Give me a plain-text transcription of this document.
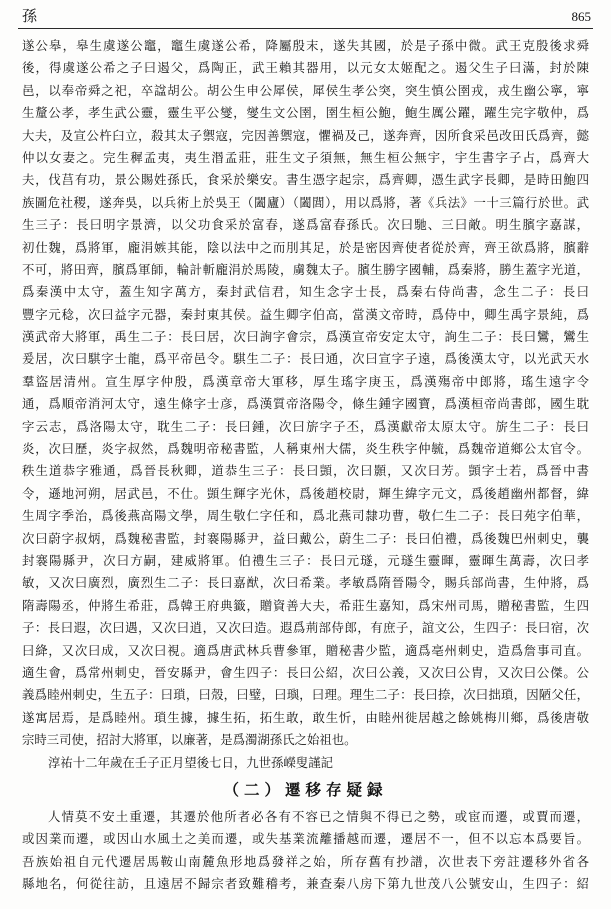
孫	865
遂公皋，皋生虞遂公竈，竈生虞遂公希，降屬殷末，遂失其國，於是子孫中微。武王克殷後求舜
後，得虞遂公希之子曰遏父，爲陶正，武王賴其器用，以元女太姬配之。遏父生子曰滿，封於陳
邑，以奉帝舜之祀，卒諡胡公。胡公生申公犀侯，犀侯生孝公突，突生慎公圉戎，戎生幽公寧，寧
生釐公孝，孝生武公靈，靈生平公燮，燮生文公圉，圉生桓公鮑，鮑生厲公躍，躍生完字敬仲，爲
大夫，及宣公杵臼立，殺其太子禦寇，完因善禦寇，懼禍及己，遂奔齊，因所食采邑改田氏爲齊，懿
仲以女妻之。完生穉孟夷，夷生湣孟莊，莊生文子須無，無生桓公無宇，宇生書字子占，爲齊大
夫，伐莒有功，景公賜姓孫氏，食采於樂安。書生憑字起宗，爲齊卿，憑生武字長卿，是時田鮑四
族圖危社稷，遂奔吳，以兵術上於吳王（闔廬）（闔閭），用以爲將，著《兵法》一十三篇行於世。武
生三子：長曰明字景濟，以父功食采於富春，遂爲富春孫氏。次曰馳、三曰敵。明生臏字嘉謀，
初仕魏，爲將軍，龐涓嫉其能，陰以法中之而刖其足，於是密因齊使者從於齊，齊王欲爲將，臏辭
不可，將田齊，臏爲軍師，輪計斬龐涓於馬陵，虜魏太子。臏生勝字國輔，爲秦將，勝生蓋字光道，
爲秦漢中太守，蓋生知字萬方，秦封武信君，知生念字士長，爲秦右侍尚書，念生二子：長曰
豐字元稔，次曰益字元器，秦封東其侯。益生卿字伯高，當漢文帝時，爲侍中，卿生禹字景純，爲
漢武帝大將軍，禹生二子：長曰居，次曰詢字會宗，爲漢宣帝安定太守，詢生二子：長曰鸞，鸞生
爰居，次曰騏字士龍，爲平帝邑令。騏生二子：長曰通，次曰宣字子遠，爲後漢太守，以光武天水
羣盜居清州。宣生厚字仲殷，爲漢章帝大軍移，厚生瑤字庚玉，爲漢殤帝中郎將，瑤生遠字令
通，爲順帝消河太守，遠生條字士彦，爲漢質帝洛陽令，條生鍾字國寶，爲漢桓帝尚書郎，國生耽
字云志，爲洛陽太守，耽生二子：長曰鍾，次曰旂字子丕，爲漢獻帝太原太守。旂生二子：長曰
炎，次曰歷，炎字叔然，爲魏明帝秘書監，人稱東州大儒，炎生秩字仲毓，爲魏帝道鄉公太官令。
秩生道恭字雅通，爲晉長秋卿，道恭生三子：長曰顗，次曰顥，又次曰芳。顗字士若，爲晉中書
令，遜地河朔，居武邑，不仕。顗生輝字光休，爲後趙校尉，輝生緯字元文，爲後趙幽州都督，緯
生周字季治，爲後燕高陽文學，周生敬仁字任和，爲北燕司隸功曹，敬仁生二子：長曰苑字伯華，
次曰蔚字叔炳，爲魏秘書監，封褰陽縣尹，益曰戴公，蔚生二子：長曰伯禮，爲後魏巴州刺史，襲
封褰陽縣尹，次曰方嗣，建威將軍。伯禮生三子：長曰元璲，元璲生靈暉，靈暉生萬壽，次曰孝
敏，又次曰廣烈，廣烈生二子：長曰嘉猷，次曰希業。孝敏爲隋晉陽令，賜兵部尚書，生仲將，爲
隋壽陽丞，仲將生希莊，爲韓王府典籤，贈資善大夫，希莊生嘉知，爲宋州司馬，贈秘書監，生四
子：長曰遐，次曰遇，又次曰逍，又次曰造。遐爲荊部侍郎，有庶子，誼文公，生四子：長曰宿，次
曰絳，又次曰成，又次曰視。適爲唐武林兵曹參軍，贈秘書少監，適爲亳州刺史，造爲詹事司直。
適生會，爲常州刺史，晉安縣尹，會生四子：長曰公紹，次曰公義，又次曰公胄，又次曰公傑。公
義爲睦州刺史，生五子：曰瑣，曰殼，曰璧，曰璵，曰理。理生二子：長曰捺，次曰拙瑣，因陋父任，
遂寓居焉，是爲睦州。瑣生據，據生拓，拓生敢，敢生忻，由睦州徙居越之餘姚梅川鄉，爲後唐敬
宗時三司使，招討大將軍，以廉著，是爲濁湖孫氏之始祖也。
淳祐十二年歲在壬子正月望後七日，九世孫嶸叟謹記
（二）遷移存疑録
人情莫不安土重遷，其遷於他所者必各有不容已之情與不得已之勢，或宦而遷，或賈而遷，
或因業而遷，或因山水風土之美而遷，或失基業流離播越而遷，遷居不一，但不以忘本爲要旨。
吾族始祖自元代遷居馬鞍山南麓魚形地爲發祥之始，所存舊有抄譜，次世表下旁註遷移外省各
縣地名，何從往訪，且遠居不歸宗者致難稽考，兼查秦八房下第九世茂八公號安山，生四子：紹
